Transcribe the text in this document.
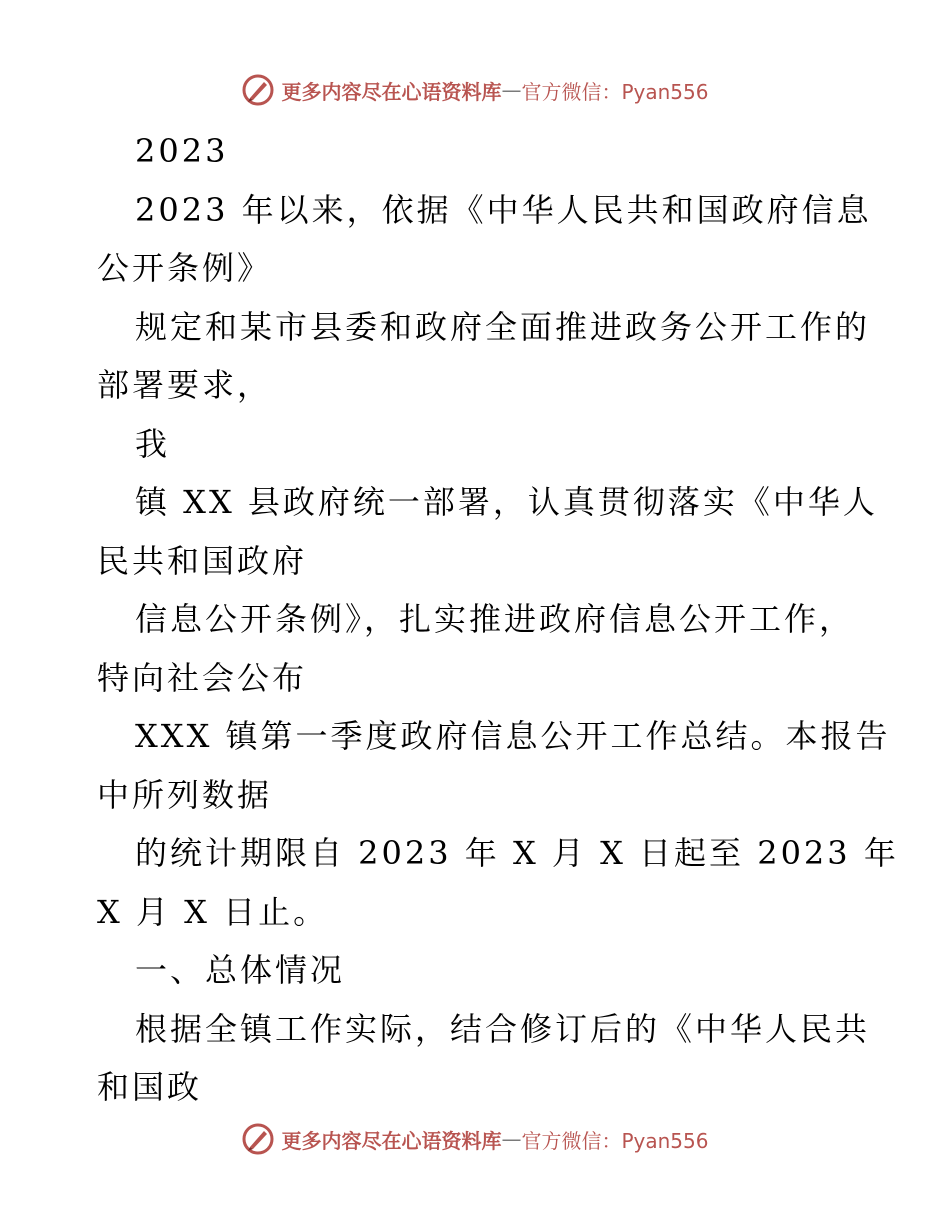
更多内容尽在心语资料库 — 官方微信：Pyan556
2023
2023 年以来，依据《中华人民共和国政府信息
公开条例》
规定和某市县委和政府全面推进政务公开工作的
部署要求，
我
镇 XX 县政府统一部署，认真贯彻落实《中华人
民共和国政府
信息公开条例》，扎实推进政府信息公开工作，
特向社会公布
XXX 镇第一季度政府信息公开工作总结。本报告
中所列数据
的统计期限自 2023 年 X 月 X 日起至 2023 年
X 月 X 日止。
一、总体情况
根据全镇工作实际，结合修订后的《中华人民共
和国政
更多内容尽在心语资料库 — 官方微信：Pyan556
